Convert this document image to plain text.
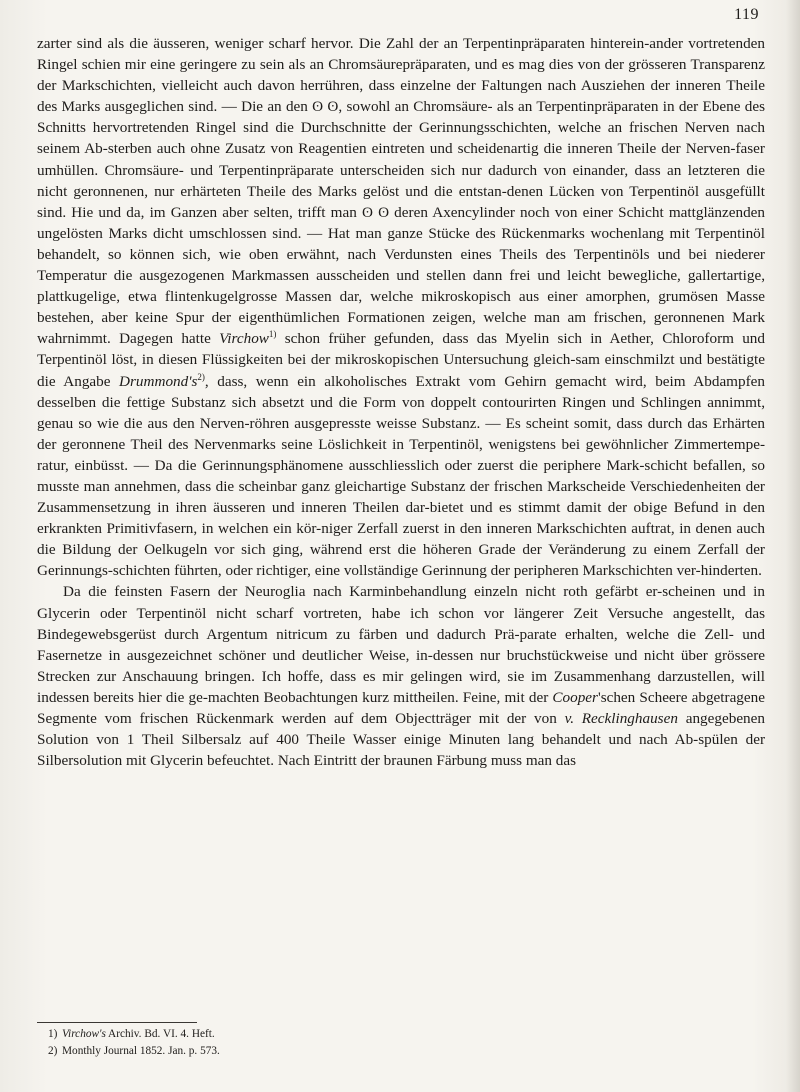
119

zarter sind als die äusseren, weniger scharf hervor. Die Zahl der an Terpentinpräparaten hinterein-ander vortretenden Ringel schien mir eine geringere zu sein als an Chromsäurepräparaten, und es mag dies von der grösseren Transparenz der Markschichten, vielleicht auch davon herrühren, dass einzelne der Faltungen nach Ausziehen der inneren Theile des Marks ausgeglichen sind. — Die an den ʘ ʘ, sowohl an Chromsäure- als an Terpentinpräparaten in der Ebene des Schnitts hervortretenden Ringel sind die Durchschnitte der Gerinnungsschichten, welche an frischen Nerven nach seinem Ab-sterben auch ohne Zusatz von Reagentien eintreten und scheidenartig die inneren Theile der Nerven-faser umhüllen. Chromsäure- und Terpentinpräparate unterscheiden sich nur dadurch von einander, dass an letzteren die nicht geronnenen, nur erhärteten Theile des Marks gelöst und die entstan-denen Lücken von Terpentinöl ausgefüllt sind. Hie und da, im Ganzen aber selten, trifft man ʘ ʘ deren Axencylinder noch von einer Schicht mattglänzenden ungelösten Marks dicht umschlossen sind. — Hat man ganze Stücke des Rückenmarks wochenlang mit Terpentinöl behandelt, so können sich, wie oben erwähnt, nach Verdunsten eines Theils des Terpentinöls und bei niederer Temperatur die ausgezogenen Markmassen ausscheiden und stellen dann frei und leicht bewegliche, gallertartige, plattkugelige, etwa flintenkugelgrosse Massen dar, welche mikroskopisch aus einer amorphen, grumösen Masse bestehen, aber keine Spur der eigenthümlichen Formationen zeigen, welche man am frischen, geronnenen Mark wahrnimmt. Dagegen hatte Virchow$^{1)}$ schon früher gefunden, dass das Myelin sich in Aether, Chloroform und Terpentinöl löst, in diesen Flüssigkeiten bei der mikroskopischen Untersuchung gleich-sam einschmilzt und bestätigte die Angabe $Drummond's^{2)}$, dass, wenn ein alkoholisches Extrakt vom Gehirn gemacht wird, beim Abdampfen desselben die fettige Substanz sich absetzt und die Form von doppelt contourirten Ringen und Schlingen annimmt, genau so wie die aus den Nerven-röhren ausgepresste weisse Substanz. — Es scheint somit, dass durch das Erhärten der geronnene Theil des Nervenmarks seine Löslichkeit in Terpentinöl, wenigstens bei gewöhnlicher Zimmertempe-ratur, einbüsst. — Da die Gerinnungsphänomene ausschliesslich oder zuerst die periphere Mark-schicht befallen, so musste man annehmen, dass die scheinbar ganz gleichartige Substanz der frischen Markscheide Verschiedenheiten der Zusammensetzung in ihren äusseren und inneren Theilen dar-bietet und es stimmt damit der obige Befund in den erkrankten Primitivfasern, in welchen ein kör-niger Zerfall zuerst in den inneren Markschichten auftrat, in denen auch die Bildung der Oelkugeln vor sich ging, während erst die höheren Grade der Veränderung zu einem Zerfall der Gerinnungs-schichten führten, oder richtiger, eine vollständige Gerinnung der peripheren Markschichten ver-hinderten.

Da die feinsten Fasern der Neuroglia nach Karminbehandlung einzeln nicht roth gefärbt er-scheinen und in Glycerin oder Terpentinöl nicht scharf vortreten, habe ich schon vor längerer Zeit Versuche angestellt, das Bindegewebsgerüst durch Argentum nitricum zu färben und dadurch Prä-parate erhalten, welche die Zell- und Fasernetze in ausgezeichnet schöner und deutlicher Weise, in-dessen nur bruchstückweise und nicht über grössere Strecken zur Anschauung bringen. Ich hoffe, dass es mir gelingen wird, sie im Zusammenhang darzustellen, will indessen bereits hier die ge-machten Beobachtungen kurz mittheilen. Feine, mit der Cooper'schen Scheere abgetragene Segmente vom frischen Rückenmark werden auf dem Objectträger mit der von v. Recklinghausen angegebenen Solution von 1 Theil Silbersalz auf 400 Theile Wasser einige Minuten lang behandelt und nach Ab-spülen der Silbersolution mit Glycerin befeuchtet. Nach Eintritt der braunen Färbung muss man das

1) Virchow's Archiv. Bd. VI. 4. Heft.
2) Monthly Journal 1852. Jan. p. 573.
